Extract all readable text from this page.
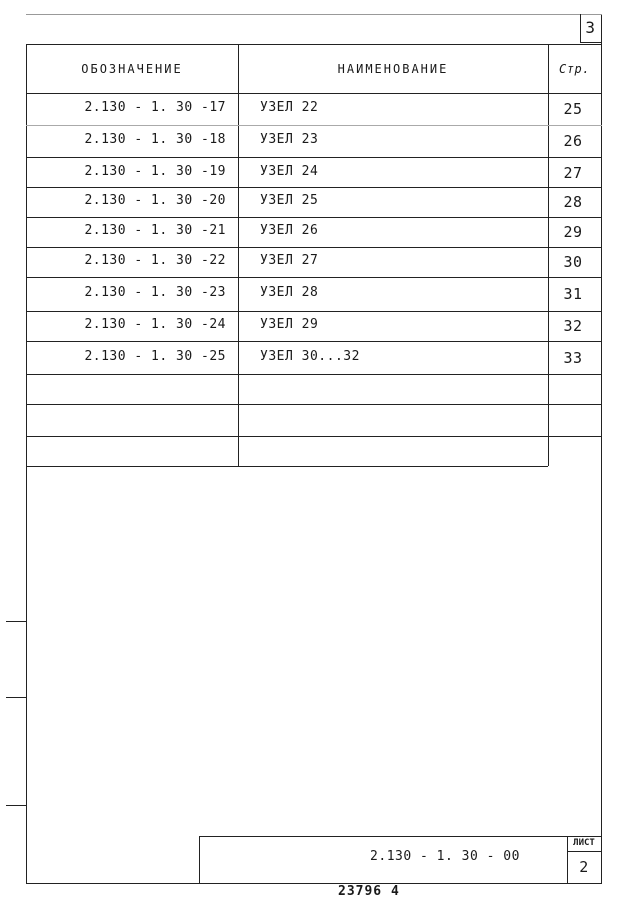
3
ОБОЗНАЧЕНИЕ	НАИМЕНОВАНИЕ	Стр.
2.130 - 1. 30 -17	УЗЕЛ 22	25
2.130 - 1. 30 -18	УЗЕЛ 23	26
2.130 - 1. 30 -19	УЗЕЛ 24	27
2.130 - 1. 30 -20	УЗЕЛ 25	28
2.130 - 1. 30 -21	УЗЕЛ 26	29
2.130 - 1. 30 -22	УЗЕЛ 27	30
2.130 - 1. 30 -23	УЗЕЛ 28	31
2.130 - 1. 30 -24	УЗЕЛ 29	32
2.130 - 1. 30 -25	УЗЕЛ 30...32	33
2.130 - 1. 30 - 00
ЛИСТ
2
23796 4
